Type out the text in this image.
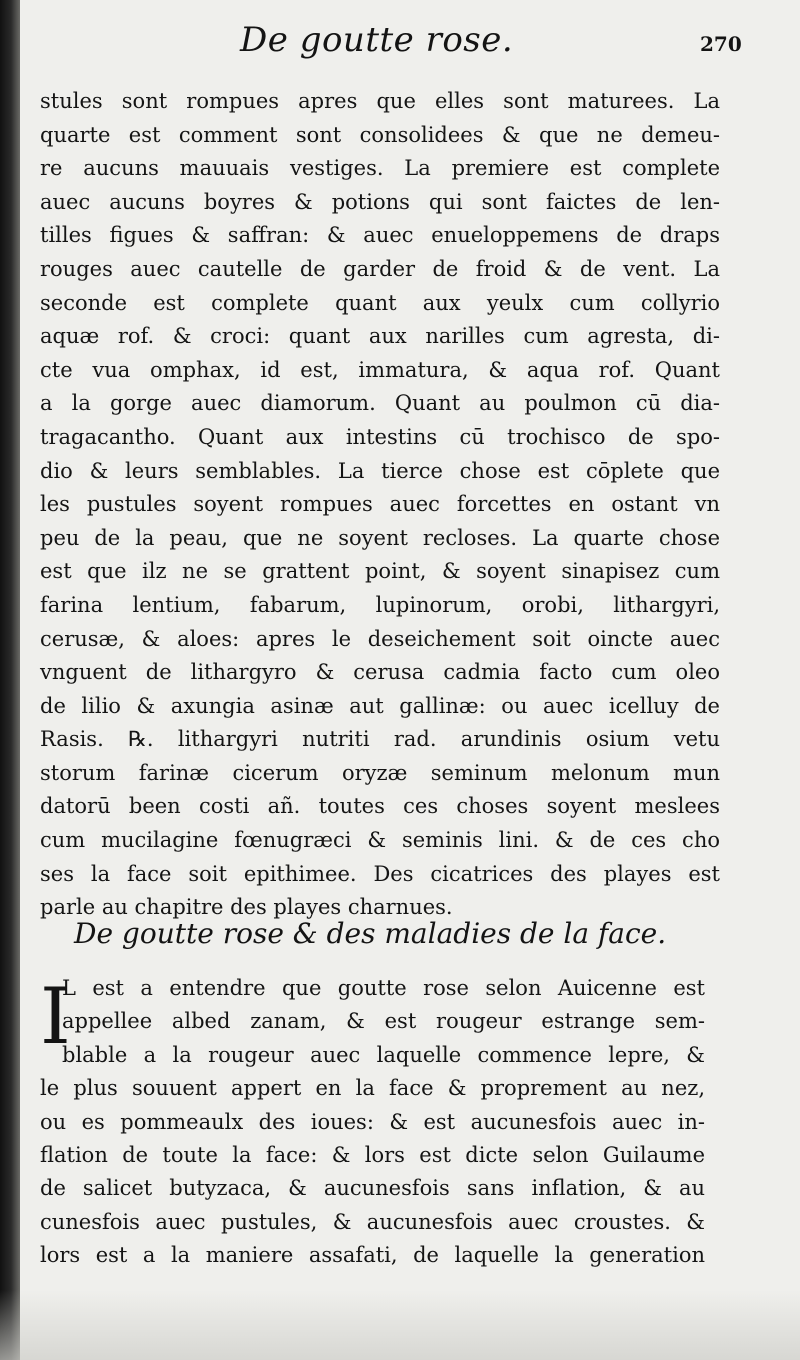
De goutte rose.	270
stules sont rompues apres que elles sont maturees. La
quarte est comment sont consolidees & que ne demeu-
re aucuns mauuais vestiges. La premiere est complete
auec aucuns boyres & potions qui sont faictes de len-
tilles figues & saffran: & auec enueloppemens de draps
rouges auec cautelle de garder de froid & de vent. La
seconde est complete quant aux yeulx cum collyrio
aquæ rof. & croci: quant aux narilles cum agresta, di-
cte vua omphax, id est, immatura, & aqua rof. Quant
a la gorge auec diamorum. Quant au poulmon cū dia-
tragacantho. Quant aux intestins cū trochisco de spo-
dio & leurs semblables. La tierce chose est cōplete que
les pustules soyent rompues auec forcettes en ostant vn
peu de la peau, que ne soyent recloses. La quarte chose
est que ilz ne se grattent point, & soyent sinapisez cum
farina lentium, fabarum, lupinorum, orobi, lithargyri,
cerusæ, & aloes: apres le deseichement soit oincte auec
vnguent de lithargyro & cerusa cadmia facto cum oleo
de lilio & axungia asinæ aut gallinæ: ou auec icelluy de
Rasis. ℞. lithargyri nutriti rad. arundinis osium vetu
storum farinæ cicerum oryzæ seminum melonum mun
datorū been costi añ. toutes ces choses soyent meslees
cum mucilagine fœnugræci & seminis lini. & de ces cho
ses la face soit epithimee. Des cicatrices des playes est
parle au chapitre des playes charnues.
De goutte rose & des maladies de la face.
I
L est a entendre que goutte rose selon Auicenne est
appellee albed zanam, & est rougeur estrange sem-
blable a la rougeur auec laquelle commence lepre, &
le plus souuent appert en la face & proprement au nez,
ou es pommeaulx des ioues: & est aucunesfois auec in-
flation de toute la face: & lors est dicte selon Guilaume
de salicet butyzaca, & aucunesfois sans inflation, & au
cunesfois auec pustules, & aucunesfois auec croustes. &
lors est a la maniere assafati, de laquelle la generation
